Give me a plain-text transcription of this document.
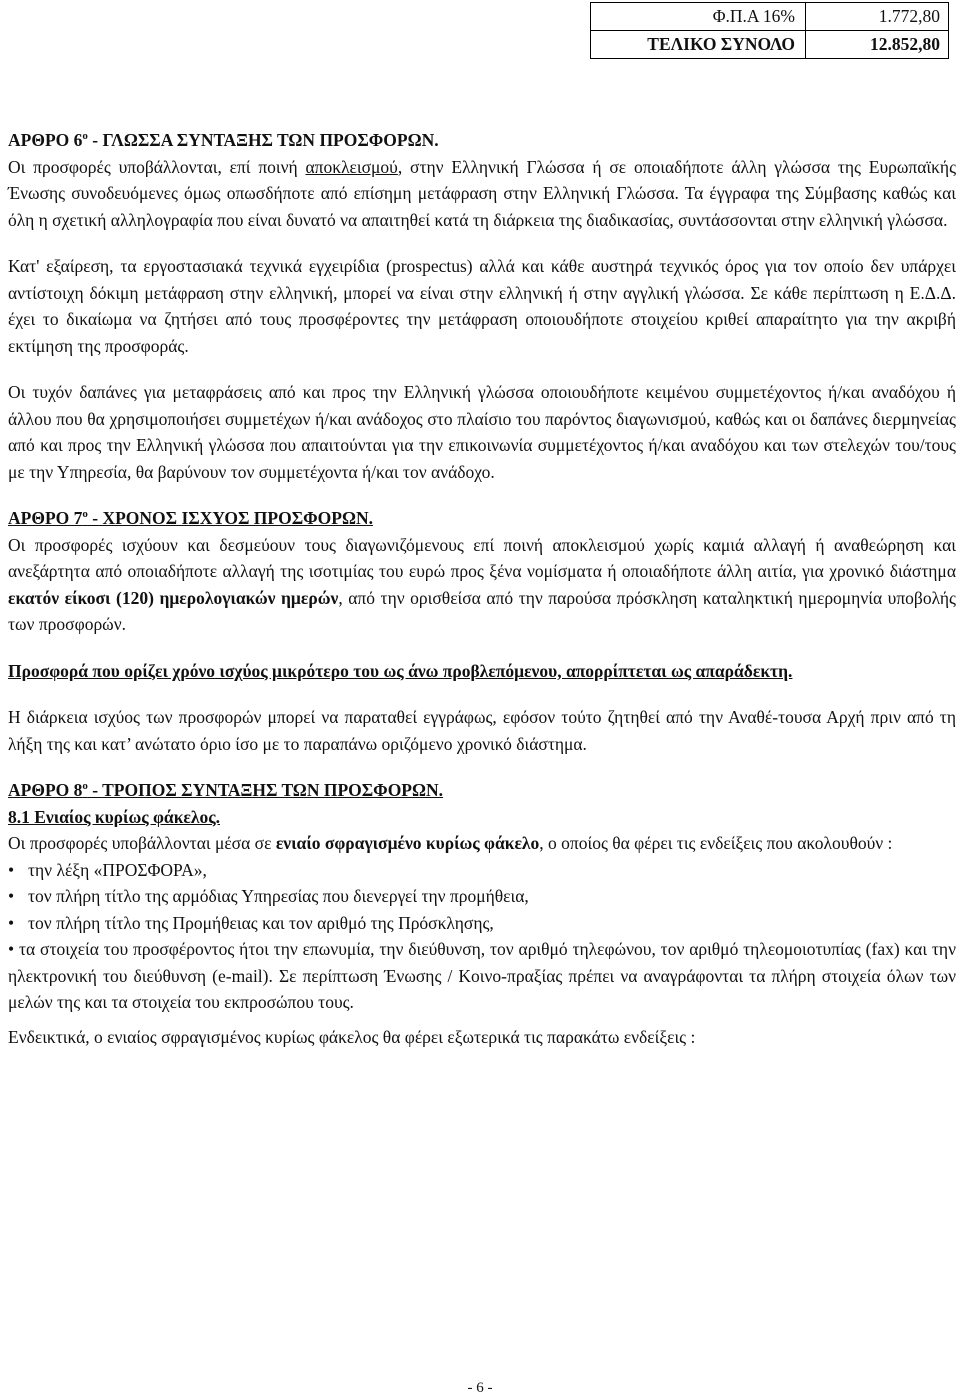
Φ.Π.Α 16%	1.772,80
ΤΕΛΙΚΟ ΣΥΝΟΛΟ	12.852,80

ΑΡΘΡΟ $6^o$ - ΓΛΩΣΣΑ ΣΥΝΤΑΞΗΣ ΤΩΝ ΠΡΟΣΦΟΡΩΝ.

Οι προσφορές υποβάλλονται, επί ποινή αποκλεισμού, στην Ελληνική Γλώσσα ή σε οποιαδήποτε άλλη γλώσσα της Ευρωπαϊκής Ένωσης συνοδευόμενες όμως οπωσδήποτε από επίσημη μετάφραση στην Ελληνική Γλώσσα. Τα έγγραφα της Σύμβασης καθώς και όλη η σχετική αλληλογραφία που είναι δυνατό να απαιτηθεί κατά τη διάρκεια της διαδικασίας, συντάσσονται στην ελληνική γλώσσα.

Κατ' εξαίρεση, τα εργοστασιακά τεχνικά εγχειρίδια (prospectus) αλλά και κάθε αυστηρά τεχνικός όρος για τον οποίο δεν υπάρχει αντίστοιχη δόκιμη μετάφραση στην ελληνική, μπορεί να είναι στην ελληνική ή στην αγγλική γλώσσα. Σε κάθε περίπτωση η Ε.Δ.Δ. έχει το δικαίωμα να ζητήσει από τους προσφέροντες την μετάφραση οποιουδήποτε στοιχείου κριθεί απαραίτητο για την ακριβή εκτίμηση της προσφοράς.

Οι τυχόν δαπάνες για μεταφράσεις από και προς την Ελληνική γλώσσα οποιουδήποτε κειμένου συμμετέχοντος ή/και αναδόχου ή άλλου που θα χρησιμοποιήσει συμμετέχων ή/και ανάδοχος στο πλαίσιο του παρόντος διαγωνισμού, καθώς και οι δαπάνες διερμηνείας από και προς την Ελληνική γλώσσα που απαιτούνται για την επικοινωνία συμμετέχοντος ή/και αναδόχου και των στελεχών του/τους με την Υπηρεσία, θα βαρύνουν τον συμμετέχοντα ή/και τον ανάδοχο.

ΑΡΘΡΟ $7^o$ - ΧΡΟΝΟΣ ΙΣΧΥΟΣ ΠΡΟΣΦΟΡΩΝ.

Οι προσφορές ισχύουν και δεσμεύουν τους διαγωνιζόμενους επί ποινή αποκλεισμού χωρίς καμιά αλλαγή ή αναθεώρηση και ανεξάρτητα από οποιαδήποτε αλλαγή της ισοτιμίας του ευρώ προς ξένα νομίσματα ή οποιαδήποτε άλλη αιτία, για χρονικό διάστημα εκατόν είκοσι (120) ημερολογιακών ημερών, από την ορισθείσα από την παρούσα πρόσκληση καταληκτική ημερομηνία υποβολής των προσφορών.

Προσφορά που ορίζει χρόνο ισχύος μικρότερο του ως άνω προβλεπόμενου, απορρίπτεται ως απαράδεκτη.

Η διάρκεια ισχύος των προσφορών μπορεί να παραταθεί εγγράφως, εφόσον τούτο ζητηθεί από την Αναθέ-τουσα Αρχή πριν από τη λήξη της και κατ’ ανώτατο όριο ίσο με το παραπάνω οριζόμενο χρονικό διάστημα.

ΑΡΘΡΟ $8^o$ - ΤΡΟΠΟΣ ΣΥΝΤΑΞΗΣ ΤΩΝ ΠΡΟΣΦΟΡΩΝ.

8.1 Ενιαίος κυρίως φάκελος.

Οι προσφορές υποβάλλονται μέσα σε ενιαίο σφραγισμένο κυρίως φάκελο, ο οποίος θα φέρει τις ενδείξεις που ακολουθούν :

• την λέξη «ΠΡΟΣΦΟΡΑ»,
• τον πλήρη τίτλο της αρμόδιας Υπηρεσίας που διενεργεί την προμήθεια,
• τον πλήρη τίτλο της Προμήθειας και τον αριθμό της Πρόσκλησης,
• τα στοιχεία του προσφέροντος ήτοι την επωνυμία, την διεύθυνση, τον αριθμό τηλεφώνου, τον αριθμό τηλεομοιοτυπίας (fax) και την ηλεκτρονική του διεύθυνση (e-mail). Σε περίπτωση Ένωσης / Κοινο-πραξίας πρέπει να αναγράφονται τα πλήρη στοιχεία όλων των μελών της και τα στοιχεία του εκπροσώπου τους.

Ενδεικτικά, ο ενιαίος σφραγισμένος κυρίως φάκελος θα φέρει εξωτερικά τις παρακάτω ενδείξεις :

- 6 -
